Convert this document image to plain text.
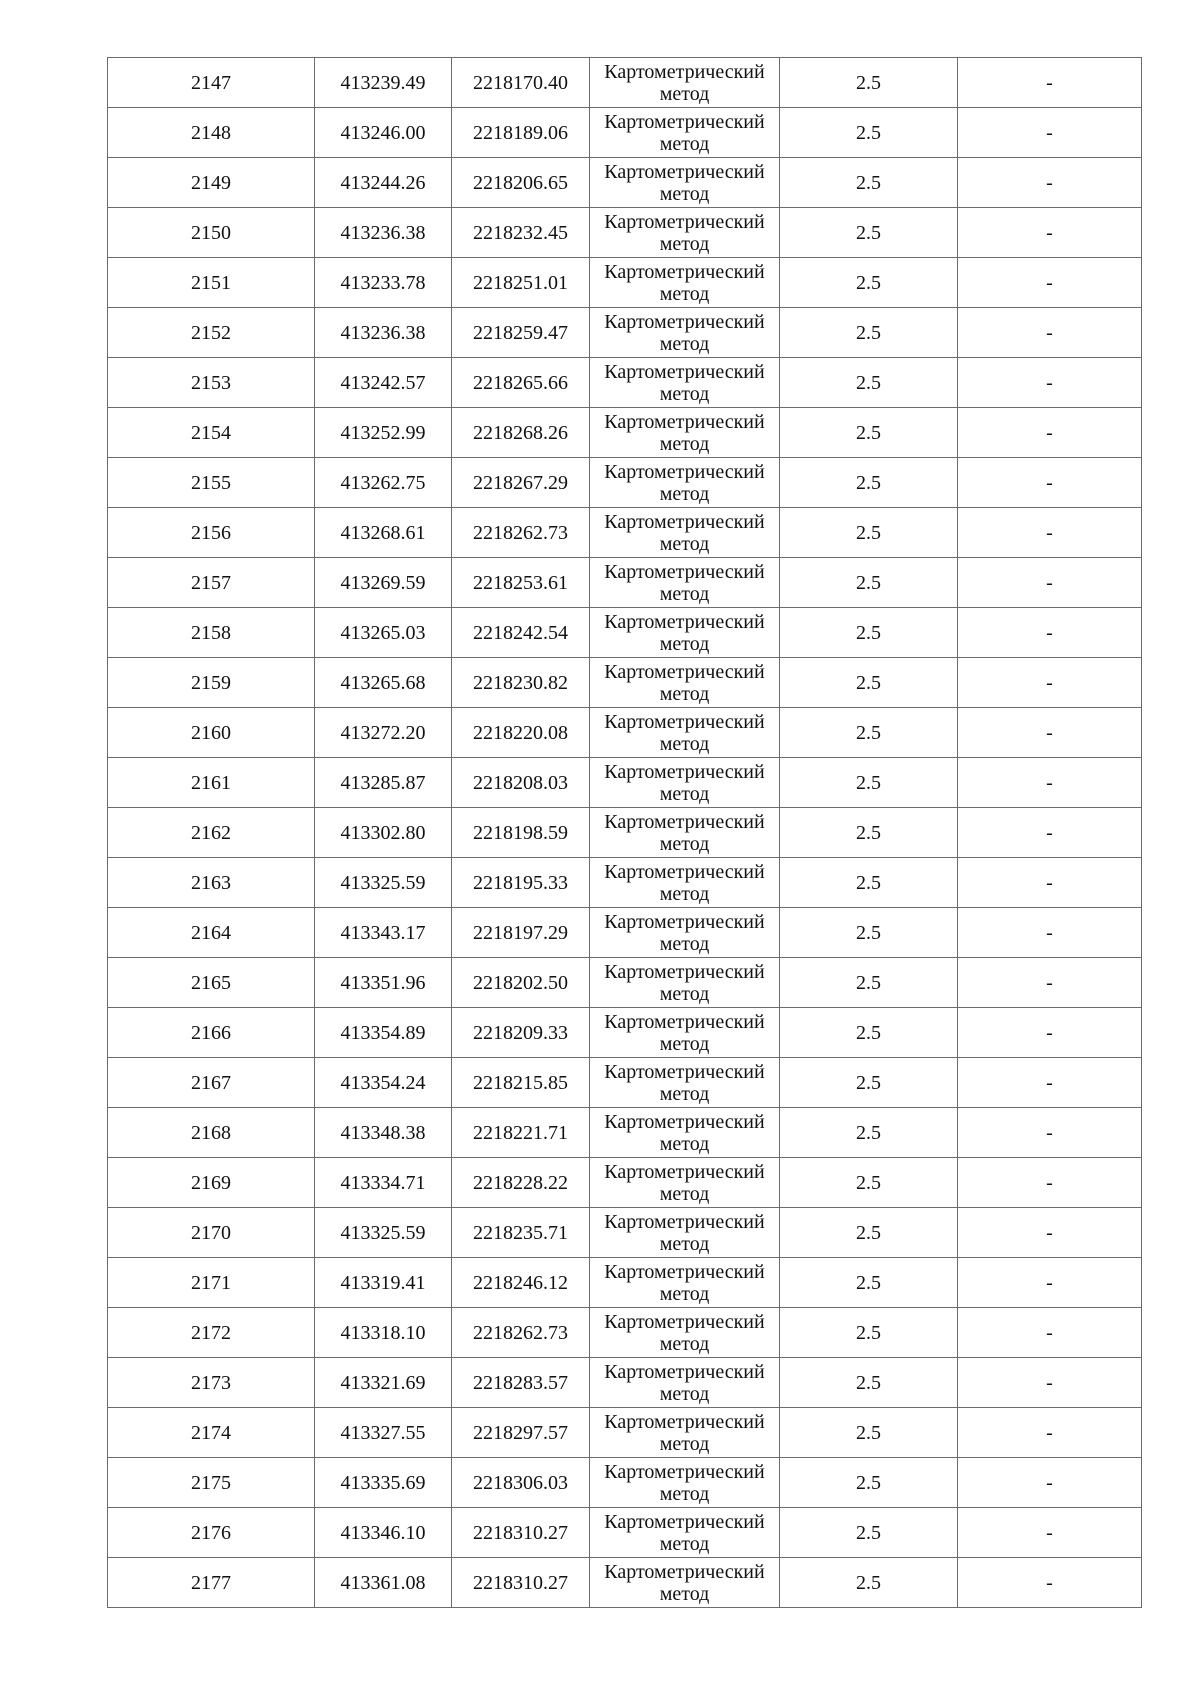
2147	413239.49	2218170.40	Картометрический метод	2.5	-
2148	413246.00	2218189.06	Картометрический метод	2.5	-
2149	413244.26	2218206.65	Картометрический метод	2.5	-
2150	413236.38	2218232.45	Картометрический метод	2.5	-
2151	413233.78	2218251.01	Картометрический метод	2.5	-
2152	413236.38	2218259.47	Картометрический метод	2.5	-
2153	413242.57	2218265.66	Картометрический метод	2.5	-
2154	413252.99	2218268.26	Картометрический метод	2.5	-
2155	413262.75	2218267.29	Картометрический метод	2.5	-
2156	413268.61	2218262.73	Картометрический метод	2.5	-
2157	413269.59	2218253.61	Картометрический метод	2.5	-
2158	413265.03	2218242.54	Картометрический метод	2.5	-
2159	413265.68	2218230.82	Картометрический метод	2.5	-
2160	413272.20	2218220.08	Картометрический метод	2.5	-
2161	413285.87	2218208.03	Картометрический метод	2.5	-
2162	413302.80	2218198.59	Картометрический метод	2.5	-
2163	413325.59	2218195.33	Картометрический метод	2.5	-
2164	413343.17	2218197.29	Картометрический метод	2.5	-
2165	413351.96	2218202.50	Картометрический метод	2.5	-
2166	413354.89	2218209.33	Картометрический метод	2.5	-
2167	413354.24	2218215.85	Картометрический метод	2.5	-
2168	413348.38	2218221.71	Картометрический метод	2.5	-
2169	413334.71	2218228.22	Картометрический метод	2.5	-
2170	413325.59	2218235.71	Картометрический метод	2.5	-
2171	413319.41	2218246.12	Картометрический метод	2.5	-
2172	413318.10	2218262.73	Картометрический метод	2.5	-
2173	413321.69	2218283.57	Картометрический метод	2.5	-
2174	413327.55	2218297.57	Картометрический метод	2.5	-
2175	413335.69	2218306.03	Картометрический метод	2.5	-
2176	413346.10	2218310.27	Картометрический метод	2.5	-
2177	413361.08	2218310.27	Картометрический метод	2.5	-
